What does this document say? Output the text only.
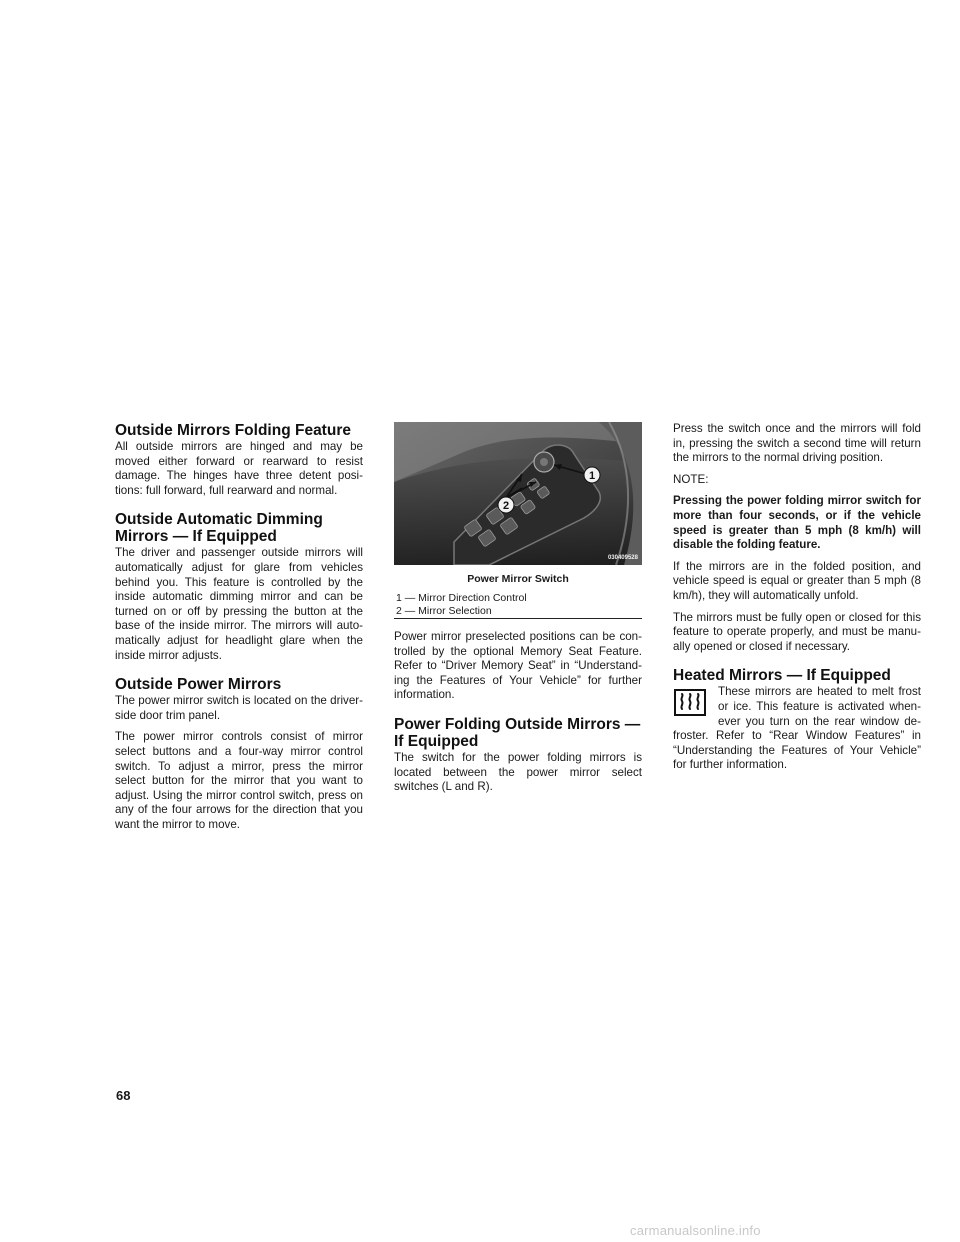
Outside Mirrors Folding Feature

All outside mirrors are hinged and may be moved either forward or rearward to resist damage. The hinges have three detent posi-tions: full forward, full rearward and normal.

Outside Automatic Dimming
Mirrors — If Equipped

The driver and passenger outside mirrors will automatically adjust for glare from vehicles behind you. This feature is controlled by the inside automatic dimming mirror and can be turned on or off by pressing the button at the base of the inside mirror. The mirrors will auto-matically adjust for headlight glare when the inside mirror adjusts.

Outside Power Mirrors

The power mirror switch is located on the driver-side door trim panel.

The power mirror controls consist of mirror select buttons and a four-way mirror control switch. To adjust a mirror, press the mirror select button for the mirror that you want to adjust. Using the mirror control switch, press on any of the four arrows for the direction that you want the mirror to move.

1
2
030409528
Power Mirror Switch
1 — Mirror Direction Control
2 — Mirror Selection

Power mirror preselected positions can be con-trolled by the optional Memory Seat Feature. Refer to “Driver Memory Seat” in “Understand-ing the Features of Your Vehicle” for further information.

Power Folding Outside Mirrors —
If Equipped

The switch for the power folding mirrors is located between the power mirror select switches (L and R).

Press the switch once and the mirrors will fold in, pressing the switch a second time will return the mirrors to the normal driving position.

NOTE:

Pressing the power folding mirror switch for more than four seconds, or if the vehicle speed is greater than 5 mph (8 km/h) will disable the folding feature.

If the mirrors are in the folded position, and vehicle speed is equal or greater than 5 mph (8 km/h), they will automatically unfold.

The mirrors must be fully open or closed for this feature to operate properly, and must be manu-ally opened or closed if necessary.

Heated Mirrors — If Equipped

These mirrors are heated to melt frost or ice. This feature is activated when-ever you turn on the rear window de-froster. Refer to “Rear Window Features” in “Understanding the Features of Your Vehicle” for further information.

68
carmanualsonline.info
